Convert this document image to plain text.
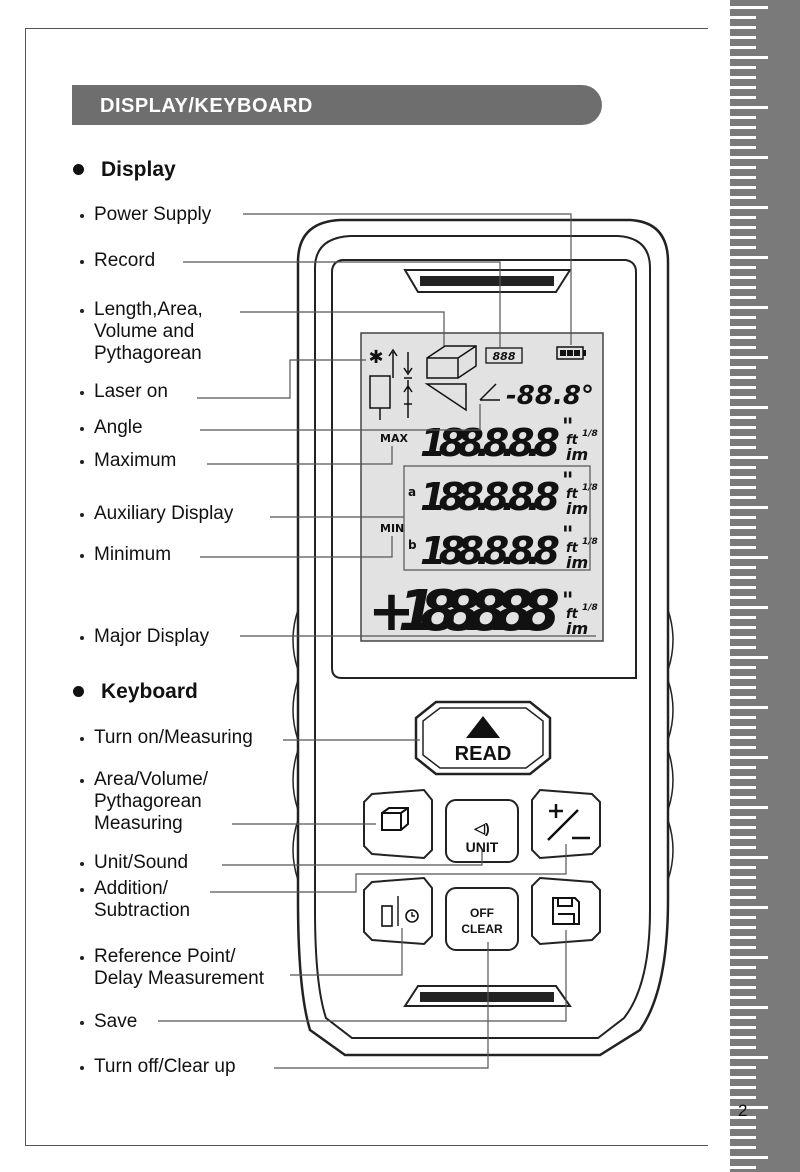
DISPLAY/KEYBOARD
Display
Power Supply
Record
Length,Area,
Volume and
Pythagorean
Laser on
Angle
Maximum
Auxiliary Display
Minimum
Major Display
Keyboard
Turn on/Measuring
Area/Volume/
Pythagorean
Measuring
Unit/Sound
Addition/
Subtraction
Reference Point/
Delay Measurement
Save
Turn off/Clear up
888
✱
-88.8°
MAX 188.8.8.8
a 188.8.8.8
MIN
b 188.8.8.8
+188.8.8.8
"
ft 1/8
im
"
ft 1/8
im
"
ft 1/8
im
"
ft 1/8
im
READ
◁)
UNIT
OFF
CLEAR
2
